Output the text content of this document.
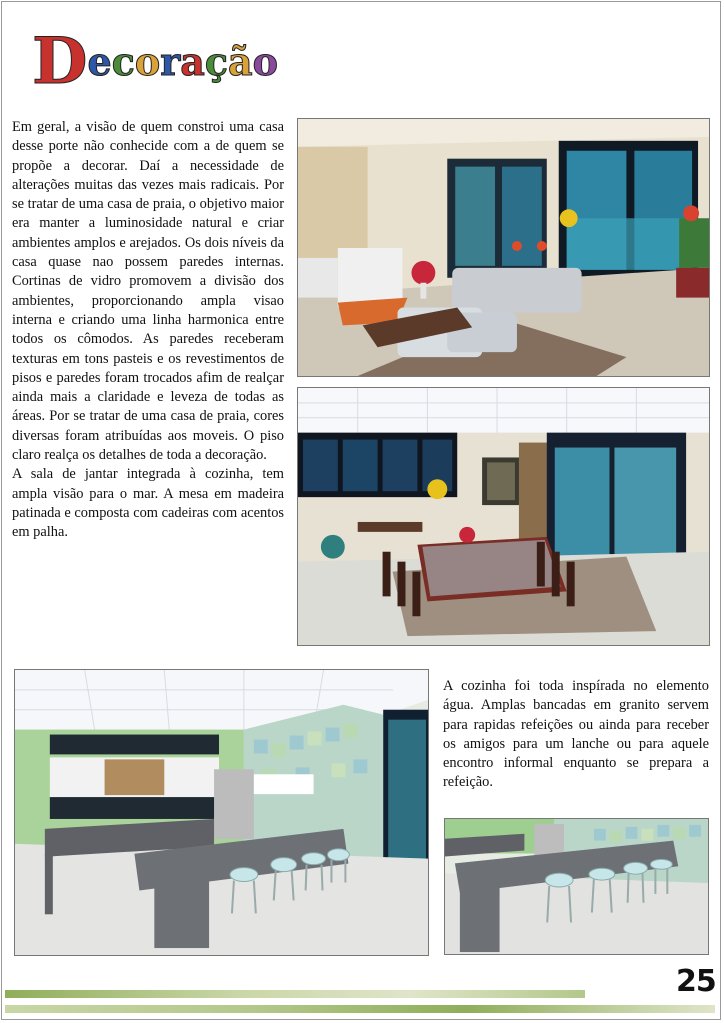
Decoração

Em geral, a visão de quem constroi uma casa desse porte não conhecide com a de quem se propõe a decorar. Daí a necessidade de alterações muitas das vezes mais radicais. Por se tratar de uma casa de praia, o objetivo maior era manter a luminosidade natural e criar ambientes amplos e arejados. Os dois níveis da casa quase nao possem paredes internas. Cortinas de vidro promovem a divisão dos ambientes, proporcionando ampla visao interna e criando uma linha harmonica entre todos os cômodos. As paredes receberam texturas em tons pasteis e os revestimentos de pisos e paredes foram trocados afim de realçar ainda mais a claridade e leveza de todas as áreas. Por se tratar de uma casa de praia, cores diversas foram atribuídas aos moveis. O piso claro realça os detalhes de toda a decoração.

A sala de jantar integrada à cozinha, tem ampla visão para o mar. A mesa em madeira patinada e composta com cadeiras com acentos em palha.

A cozinha foi toda inspírada no elemento água. Amplas bancadas em granito servem para rapidas refeições ou ainda para receber os amigos para um lanche ou para aquele encontro informal enquanto se prepara a refeição.

25
